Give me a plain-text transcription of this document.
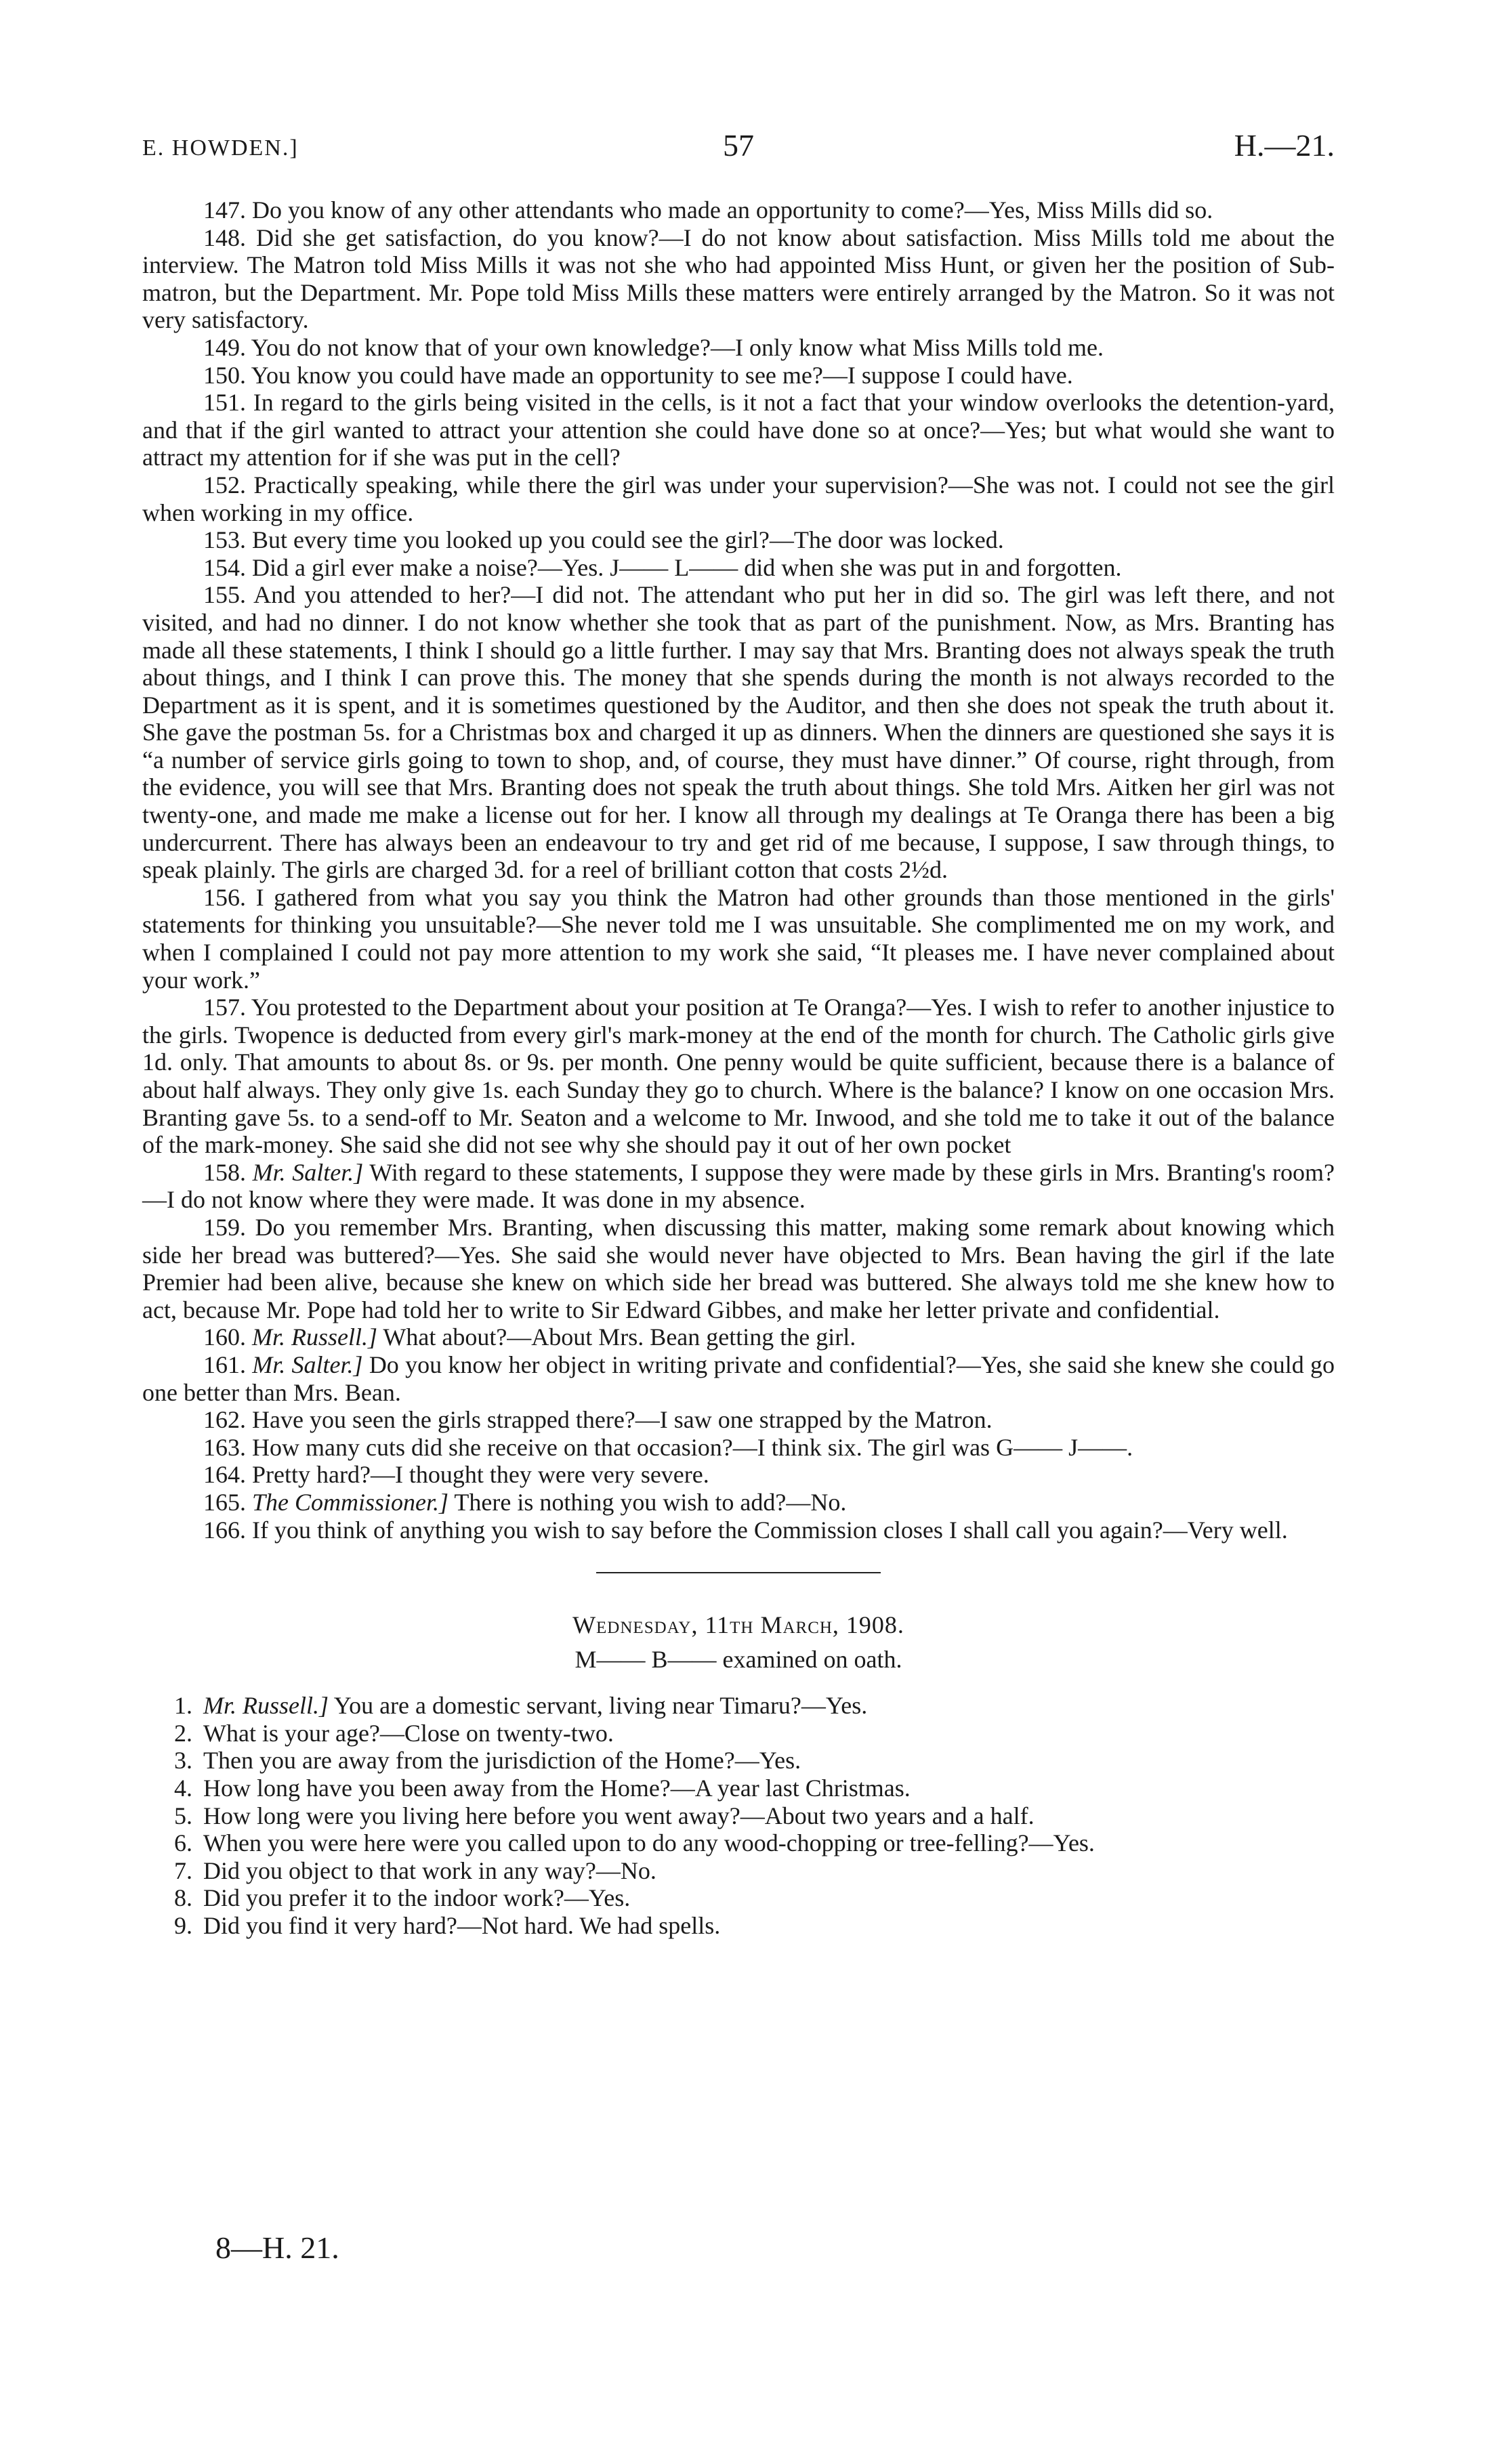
E. HOWDEN.]	57	H.—21.

147. Do you know of any other attendants who made an opportunity to come?—Yes, Miss Mills did so.

148. Did she get satisfaction, do you know?—I do not know about satisfaction. Miss Mills told me about the interview. The Matron told Miss Mills it was not she who had appointed Miss Hunt, or given her the position of Sub-matron, but the Department. Mr. Pope told Miss Mills these matters were entirely arranged by the Matron. So it was not very satisfactory.

149. You do not know that of your own knowledge?—I only know what Miss Mills told me.

150. You know you could have made an opportunity to see me?—I suppose I could have.

151. In regard to the girls being visited in the cells, is it not a fact that your window overlooks the detention-yard, and that if the girl wanted to attract your attention she could have done so at once?—Yes; but what would she want to attract my attention for if she was put in the cell?

152. Practically speaking, while there the girl was under your supervision?—She was not. I could not see the girl when working in my office.

153. But every time you looked up you could see the girl?—The door was locked.

154. Did a girl ever make a noise?—Yes. J—— L—— did when she was put in and forgotten.

155. And you attended to her?—I did not. The attendant who put her in did so. The girl was left there, and not visited, and had no dinner. I do not know whether she took that as part of the punishment. Now, as Mrs. Branting has made all these statements, I think I should go a little further. I may say that Mrs. Branting does not always speak the truth about things, and I think I can prove this. The money that she spends during the month is not always recorded to the Department as it is spent, and it is sometimes questioned by the Auditor, and then she does not speak the truth about it. She gave the postman 5s. for a Christmas box and charged it up as dinners. When the dinners are questioned she says it is “a number of service girls going to town to shop, and, of course, they must have dinner.” Of course, right through, from the evidence, you will see that Mrs. Branting does not speak the truth about things. She told Mrs. Aitken her girl was not twenty-one, and made me make a license out for her. I know all through my dealings at Te Oranga there has been a big undercurrent. There has always been an endeavour to try and get rid of me because, I suppose, I saw through things, to speak plainly. The girls are charged 3d. for a reel of brilliant cotton that costs 2½d.

156. I gathered from what you say you think the Matron had other grounds than those mentioned in the girls' statements for thinking you unsuitable?—She never told me I was unsuitable. She complimented me on my work, and when I complained I could not pay more attention to my work she said, “It pleases me. I have never complained about your work.”

157. You protested to the Department about your position at Te Oranga?—Yes. I wish to refer to another injustice to the girls. Twopence is deducted from every girl's mark-money at the end of the month for church. The Catholic girls give 1d. only. That amounts to about 8s. or 9s. per month. One penny would be quite sufficient, because there is a balance of about half always. They only give 1s. each Sunday they go to church. Where is the balance? I know on one occasion Mrs. Branting gave 5s. to a send-off to Mr. Seaton and a welcome to Mr. Inwood, and she told me to take it out of the balance of the mark-money. She said she did not see why she should pay it out of her own pocket

158. Mr. Salter.] With regard to these statements, I suppose they were made by these girls in Mrs. Branting's room?—I do not know where they were made. It was done in my absence.

159. Do you remember Mrs. Branting, when discussing this matter, making some remark about knowing which side her bread was buttered?—Yes. She said she would never have objected to Mrs. Bean having the girl if the late Premier had been alive, because she knew on which side her bread was buttered. She always told me she knew how to act, because Mr. Pope had told her to write to Sir Edward Gibbes, and make her letter private and confidential.

160. Mr. Russell.] What about?—About Mrs. Bean getting the girl.

161. Mr. Salter.] Do you know her object in writing private and confidential?—Yes, she said she knew she could go one better than Mrs. Bean.

162. Have you seen the girls strapped there?—I saw one strapped by the Matron.

163. How many cuts did she receive on that occasion?—I think six. The girl was G—— J——.

164. Pretty hard?—I thought they were very severe.

165. The Commissioner.] There is nothing you wish to add?—No.

166. If you think of anything you wish to say before the Commission closes I shall call you again?—Very well.

Wednesday, 11th March, 1908.

M—— B—— examined on oath.

1. Mr. Russell.] You are a domestic servant, living near Timaru?—Yes.

2. What is your age?—Close on twenty-two.

3. Then you are away from the jurisdiction of the Home?—Yes.

4. How long have you been away from the Home?—A year last Christmas.

5. How long were you living here before you went away?—About two years and a half.

6. When you were here were you called upon to do any wood-chopping or tree-felling?—Yes.

7. Did you object to that work in any way?—No.

8. Did you prefer it to the indoor work?—Yes.

9. Did you find it very hard?—Not hard. We had spells.

8—H. 21.
